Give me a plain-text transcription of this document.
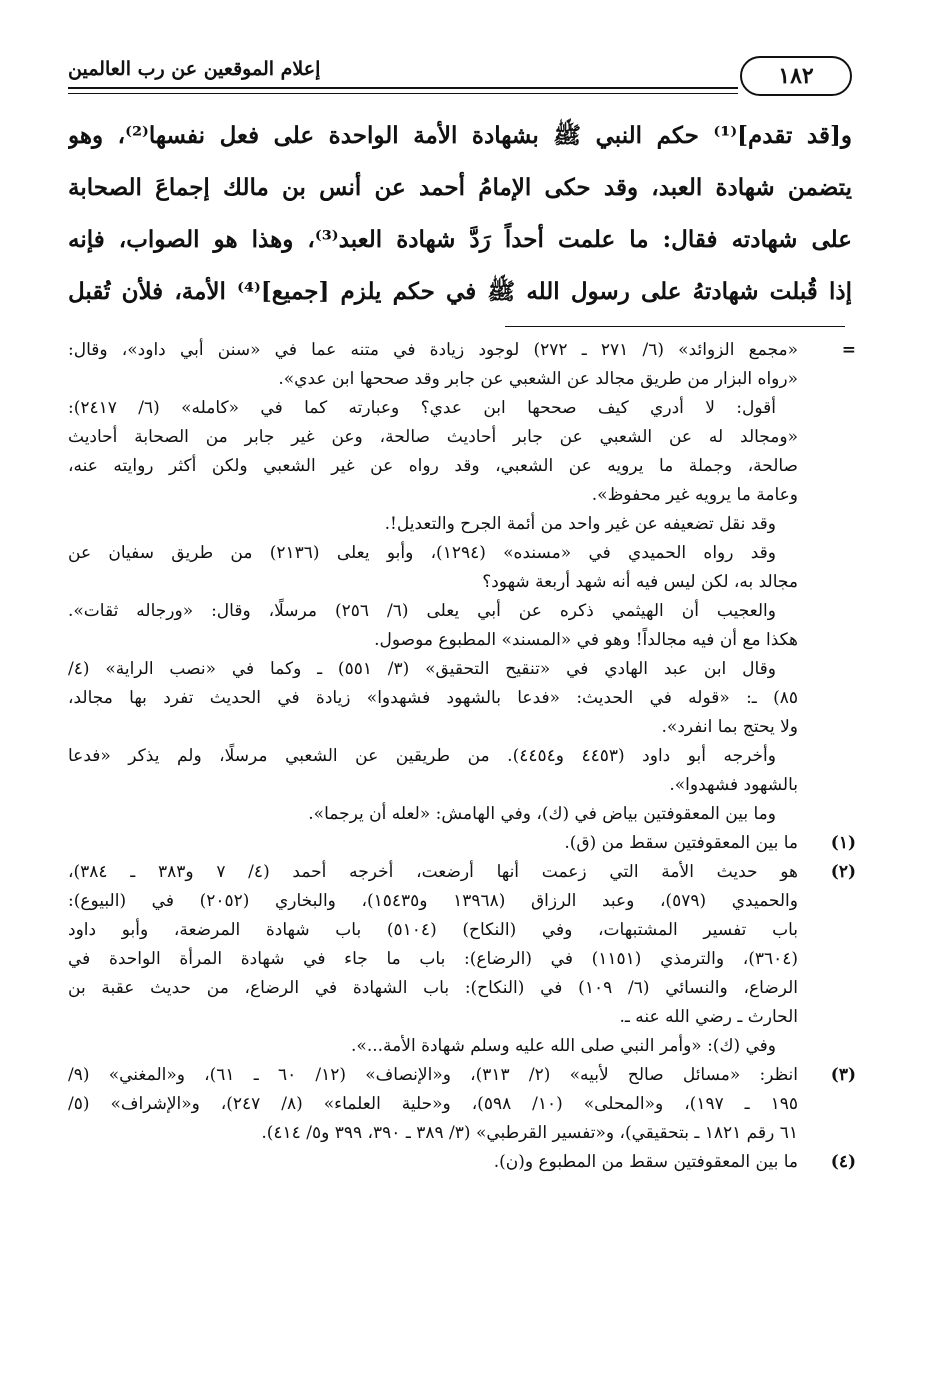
١٨٢
إعلام الموقعين عن رب العالمين
و[قد تقدم]⁽¹⁾ حكم النبي ﷺ بشهادة الأمة الواحدة على فعل نفسها⁽²⁾، وهو
يتضمن شهادة العبد، وقد حكى الإمامُ أحمد عن أنس بن مالك إجماعَ الصحابة
على شهادته فقال: ما علمت أحداً رَدَّ شهادة العبد⁽³⁾، وهذا هو الصواب، فإنه
إذا قُبلت شهادتهُ على رسول الله ﷺ في حكم يلزم [جميع]⁽⁴⁾ الأمة، فلأن تُقبل
=
«مجمع الزوائد» (٦/ ٢٧١ ـ ٢٧٢) لوجود زيادة في متنه عما في «سنن أبي داود»، وقال:
«رواه البزار من طريق مجالد عن الشعبي عن جابر وقد صححها ابن عدي».
أقول: لا أدري كيف صححها ابن عدي؟ وعبارته كما في «كامله» (٦/ ٢٤١٧):
«ومجالد له عن الشعبي عن جابر أحاديث صالحة، وعن غير جابر من الصحابة أحاديث
صالحة، وجملة ما يرويه عن الشعبي، وقد رواه عن غير الشعبي ولكن أكثر روايته عنه،
وعامة ما يرويه غير محفوظ».
وقد نقل تضعيفه عن غير واحد من أئمة الجرح والتعديل!.
وقد رواه الحميدي في «مسنده» (١٢٩٤)، وأبو يعلى (٢١٣٦) من طريق سفيان عن
مجالد به، لكن ليس فيه أنه شهد أربعة شهود؟
والعجيب أن الهيثمي ذكره عن أبي يعلى (٦/ ٢٥٦) مرسلًا، وقال: «ورجاله ثقات».
هكذا مع أن فيه مجالداً! وهو في «المسند» المطبوع موصول.
وقال ابن عبد الهادي في «تنقيح التحقيق» (٣/ ٥٥١) ـ وكما في «نصب الراية» (٤/
٨٥) ـ: «قوله في الحديث: «فدعا بالشهود فشهدوا» زيادة في الحديث تفرد بها مجالد،
ولا يحتج بما انفرد».
وأخرجه أبو داود (٤٤٥٣ و٤٤٥٤). من طريقين عن الشعبي مرسلًا، ولم يذكر «فدعا
بالشهود فشهدوا».
وما بين المعقوفتين بياض في (ك)، وفي الهامش: «لعله أن يرجما».
(١)
ما بين المعقوفتين سقط من (ق).
(٢)
هو حديث الأمة التي زعمت أنها أرضعت، أخرجه أحمد (٤/ ٧ و٣٨٣ ـ ٣٨٤)،
والحميدي (٥٧٩)، وعبد الرزاق (١٣٩٦٨ و١٥٤٣٥)، والبخاري (٢٠٥٢) في (البيوع):
باب تفسير المشتبهات، وفي (النكاح) (٥١٠٤) باب شهادة المرضعة، وأبو داود
(٣٦٠٤)، والترمذي (١١٥١) في (الرضاع): باب ما جاء في شهادة المرأة الواحدة في
الرضاع، والنسائي (٦/ ١٠٩) في (النكاح): باب الشهادة في الرضاع، من حديث عقبة بن
الحارث ـ رضي الله عنه ـ.
وفي (ك): «وأمر النبي صلى الله عليه وسلم شهادة الأمة...».
(٣)
انظر: «مسائل صالح لأبيه» (٢/ ٣١٣)، و«الإنصاف» (١٢/ ٦٠ ـ ٦١)، و«المغني» (٩/
١٩٥ ـ ١٩٧)، و«المحلى» (١٠/ ٥٩٨)، و«حلية العلماء» (٨/ ٢٤٧)، و«الإشراف» (٥/
٦١ رقم ١٨٢١ ـ بتحقيقي)، و«تفسير القرطبي» (٣/ ٣٨٩ ـ ٣٩٠، ٣٩٩ و٥/ ٤١٤).
(٤)
ما بين المعقوفتين سقط من المطبوع و(ن).
